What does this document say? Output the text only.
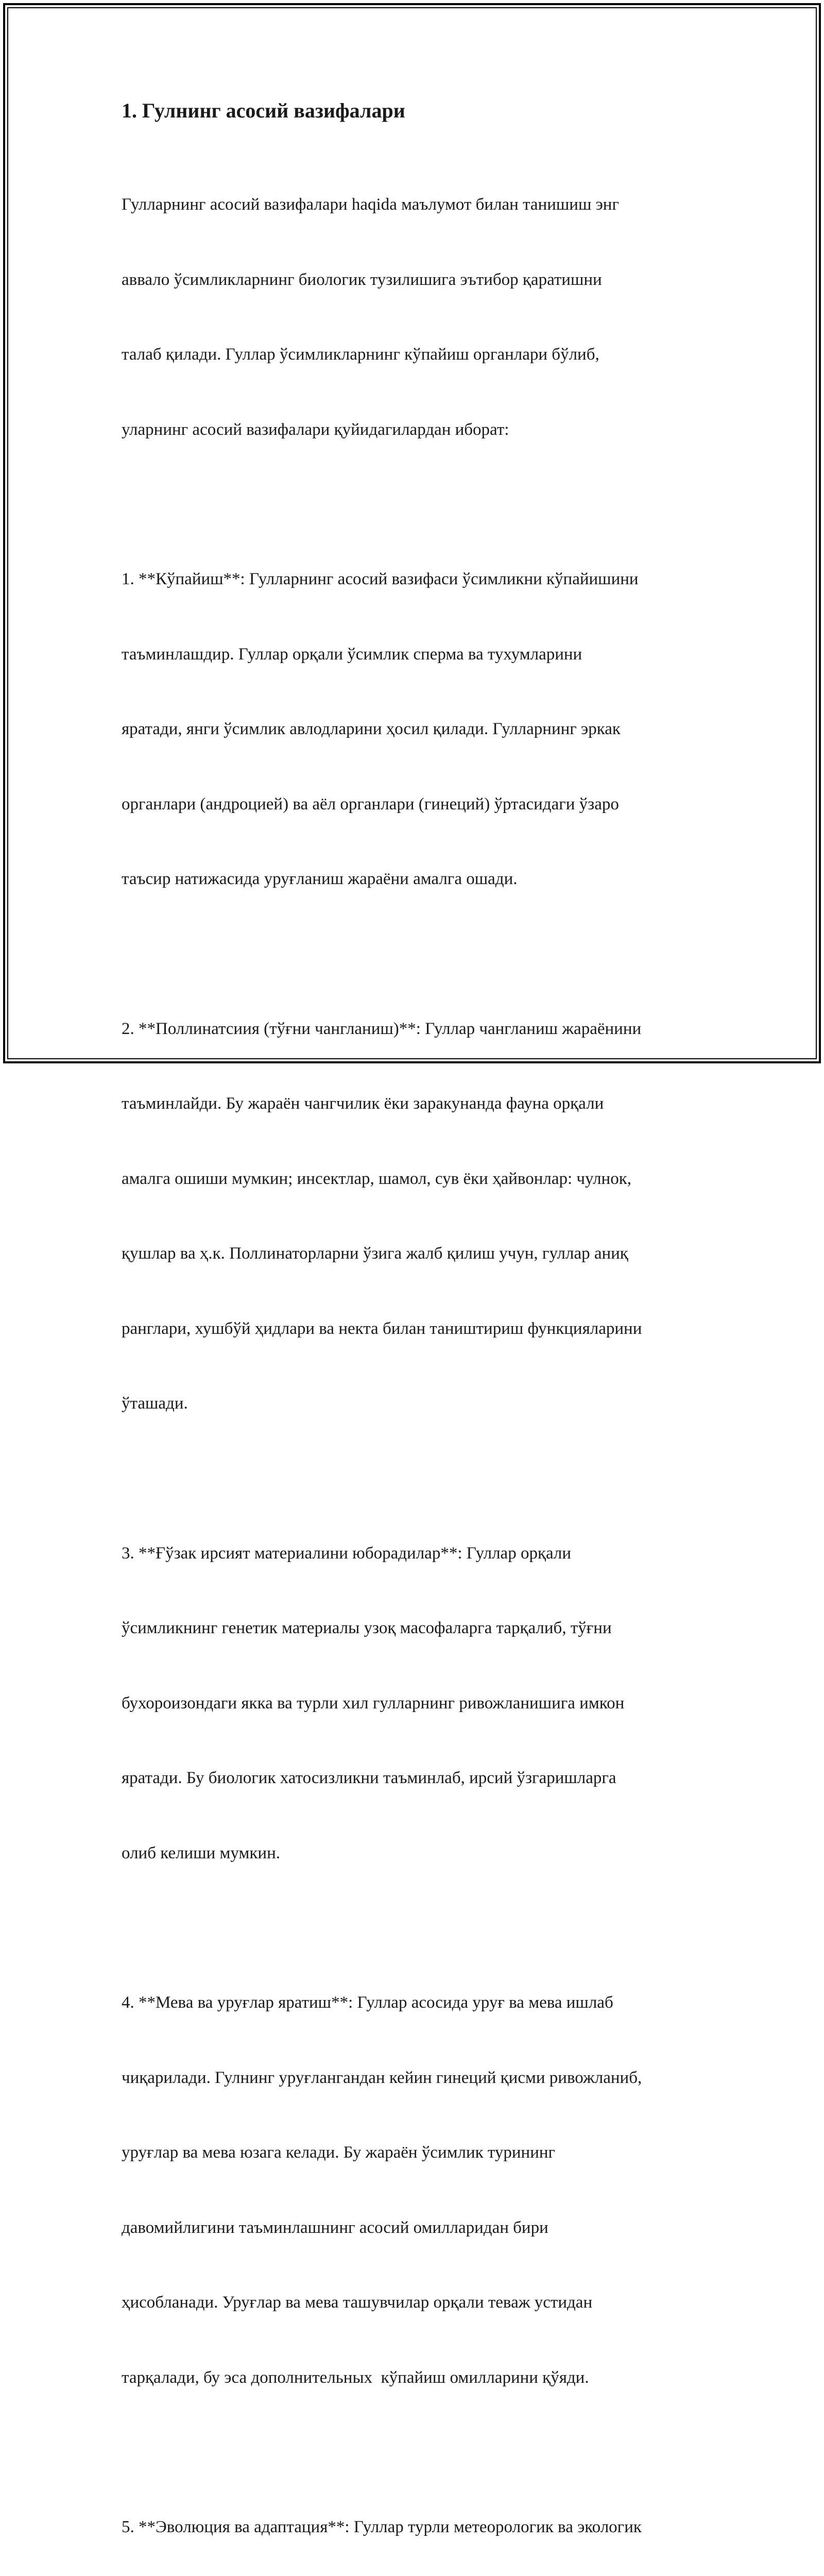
1. Гулнинг асосий вазифалари

Гулларнинг асосий вазифалари haqida маълумот билан танишиш энг

аввало ўсимликларнинг биологик тузилишига эътибор қаратишни

талаб қилади. Гуллар ўсимликларнинг кўпайиш органлари бўлиб,

уларнинг асосий вазифалари қуйидагилардан иборат:

1. **Кўпайиш**: Гулларнинг асосий вазифаси ўсимликни кўпайишини

таъминлашдир. Гуллар орқали ўсимлик сперма ва тухумларини

яратади, янги ўсимлик авлодларини ҳосил қилади. Гулларнинг эркак

органлари (андроцией) ва аёл органлари (гинеций) ўртасидаги ўзаро

таъсир натижасида уруғланиш жараёни амалга ошади.

2. **Поллинатсиия (тўғни чангланиш)**: Гуллар чангланиш жараёнини

таъминлайди. Бу жараён чангчилик ёки заракунанда фауна орқали

амалга ошиши мумкин; инсектлар, шамол, сув ёки ҳайвонлар: чулнок,

қушлар ва ҳ.к. Поллинаторларни ўзига жалб қилиш учун, гуллар аниқ

ранглари, хушбўй ҳидлари ва некта билан таништириш функцияларини

ўташади.

3. **Ғўзак ирсият материалини юборадилар**: Гуллар орқали

ўсимликнинг генетик материалы узоқ масофаларга тарқалиб, тўғни

бухороизондаги якка ва турли хил гулларнинг ривожланишига имкон

яратади. Бу биологик хатосизликни таъминлаб, ирсий ўзгаришларга

олиб келиши мумкин.

4. **Мева ва уруғлар яратиш**: Гуллар асосида уруғ ва мева ишлаб

чиқарилади. Гулнинг уруғлангандан кейин гинеций қисми ривожланиб,

уруғлар ва мева юзага келади. Бу жараён ўсимлик турининг

давомийлигини таъминлашнинг асосий омилларидан бири

ҳисобланади. Уруғлар ва мева ташувчилар орқали теваж устидан

тарқалади, бу эса дополнительных  кўпайиш омилларини қўяди.

5. **Эволюция ва адаптация**: Гуллар турли метеорологик ва экологик
